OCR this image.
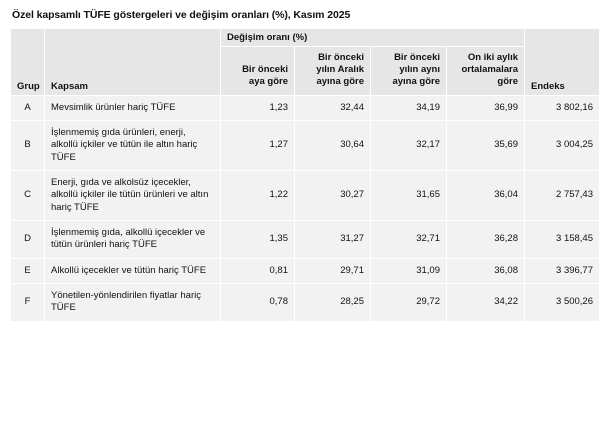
Özel kapsamlı TÜFE göstergeleri ve değişim oranları (%), Kasım 2025
Grup	Kapsam	Değişim oranı (%)				Endeks
		Bir önceki aya göre	Bir önceki yılın Aralık ayına göre	Bir önceki yılın aynı ayına göre	On iki aylık ortalamalara göre	
A	Mevsimlik ürünler hariç TÜFE	1,23	32,44	34,19	36,99	3 802,16
B	İşlenmemiş gıda ürünleri, enerji, alkollü içkiler ve tütün ile altın hariç TÜFE	1,27	30,64	32,17	35,69	3 004,25
C	Enerji, gıda ve alkolsüz içecekler, alkollü içkiler ile tütün ürünleri ve altın hariç TÜFE	1,22	30,27	31,65	36,04	2 757,43
D	İşlenmemiş gıda, alkollü içecekler ve tütün ürünleri hariç TÜFE	1,35	31,27	32,71	36,28	3 158,45
E	Alkollü içecekler ve tütün hariç TÜFE	0,81	29,71	31,09	36,08	3 396,77
F	Yönetilen-yönlendirilen fiyatlar hariç TÜFE	0,78	28,25	29,72	34,22	3 500,26
